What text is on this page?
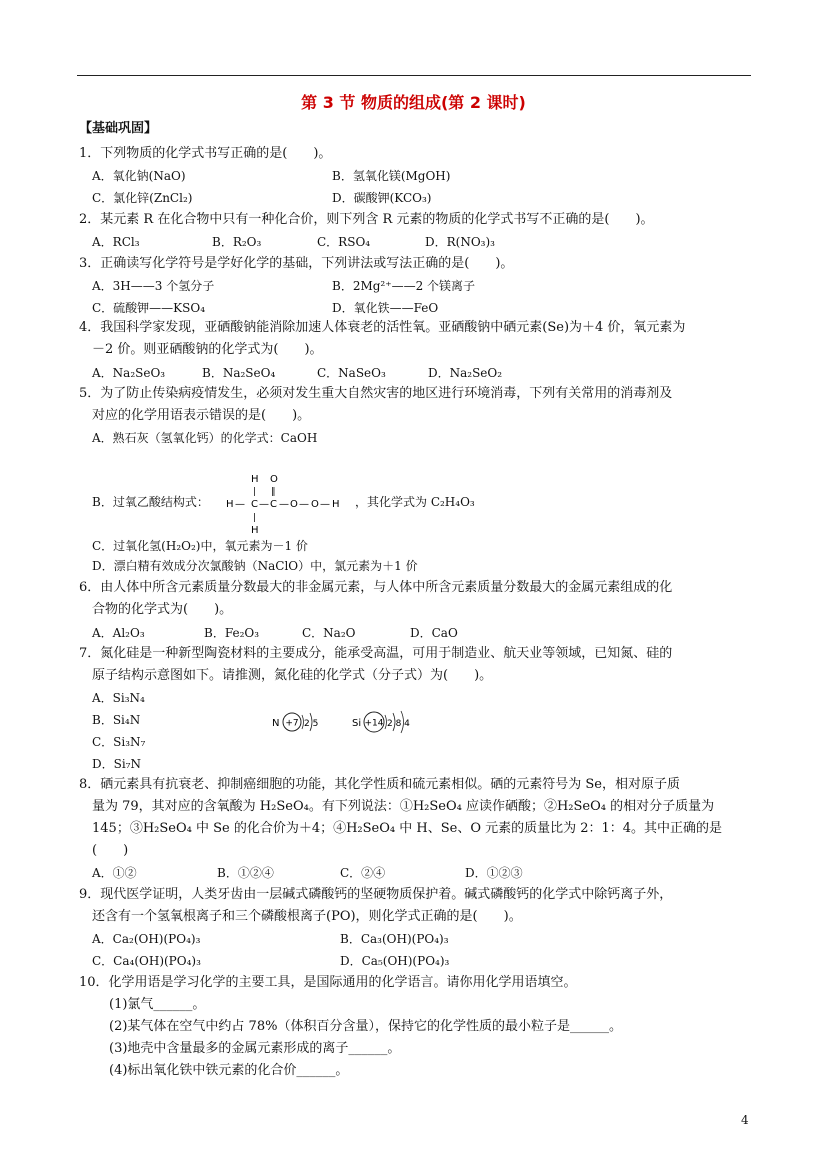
第 3 节 物质的组成(第 2 课时)
【基础巩固】
1．下列物质的化学式书写正确的是(　　)。
A．氧化钠(NaO)	B．氢氧化镁(MgOH)
C．氯化锌(ZnCl₂)	D．碳酸钾(KCO₃)
2．某元素 R 在化合物中只有一种化合价，则下列含 R 元素的物质的化学式书写不正确的是(　　)。
A．RCl₃	B．R₂O₃	C．RSO₄	D．R(NO₃)₃
3．正确读写化学符号是学好化学的基础，下列讲法或写法正确的是(　　)。
A．3H——3 个氢分子	B．2Mg²⁺——2 个镁离子
C．硫酸钾——KSO₄	D．氧化铁——FeO
4．我国科学家发现，亚硒酸钠能消除加速人体衰老的活性氧。亚硒酸钠中硒元素(Se)为＋4 价，氧元素为
－2 价。则亚硒酸钠的化学式为(　　)。
A．Na₂SeO₃	B．Na₂SeO₄	C．NaSeO₃	D．Na₂SeO₂
5．为了防止传染病疫情发生，必须对发生重大自然灾害的地区进行环境消毒，下列有关常用的消毒剂及
对应的化学用语表示错误的是(　　)。
A．熟石灰（氢氧化钙）的化学式：CaOH
B．过氧乙酸结构式：
H O
| ‖
H — C — C — O — O — H
|
H
，其化学式为 C₂H₄O₃
C．过氧化氢(H₂O₂)中，氧元素为－1 价
D．漂白精有效成分次氯酸钠（NaClO）中，氯元素为＋1 价
6．由人体中所含元素质量分数最大的非金属元素，与人体中所含元素质量分数最大的金属元素组成的化
合物的化学式为(　　)。
A．Al₂O₃	B．Fe₂O₃	C．Na₂O	D．CaO
7．氮化硅是一种新型陶瓷材料的主要成分，能承受高温，可用于制造业、航天业等领域，已知氮、硅的
原子结构示意图如下。请推测，氮化硅的化学式（分子式）为(　　)。
A．Si₃N₄
B．Si₄N
C．Si₃N₇
D．Si₇N
N +7 2 5	Si +14 2 8 4
8．硒元素具有抗衰老、抑制癌细胞的功能，其化学性质和硫元素相似。硒的元素符号为 Se，相对原子质
量为 79，其对应的含氧酸为 H₂SeO₄。有下列说法：①H₂SeO₄ 应读作硒酸；②H₂SeO₄ 的相对分子质量为
145；③H₂SeO₄ 中 Se 的化合价为＋4；④H₂SeO₄ 中 H、Se、O 元素的质量比为 2：1：4。其中正确的是
(　　)
A．①②	B．①②④	C．②④	D．①②③
9．现代医学证明，人类牙齿由一层碱式磷酸钙的坚硬物质保护着。碱式磷酸钙的化学式中除钙离子外，
还含有一个氢氧根离子和三个磷酸根离子(PO)，则化学式正确的是(　　)。
A．Ca₂(OH)(PO₄)₃	B．Ca₃(OH)(PO₄)₃
C．Ca₄(OH)(PO₄)₃	D．Ca₅(OH)(PO₄)₃
10．化学用语是学习化学的主要工具，是国际通用的化学语言。请你用化学用语填空。
(1)氯气______。
(2)某气体在空气中约占 78%（体积百分含量），保持它的化学性质的最小粒子是______。
(3)地壳中含量最多的金属元素形成的离子______。
(4)标出氧化铁中铁元素的化合价______。
4
